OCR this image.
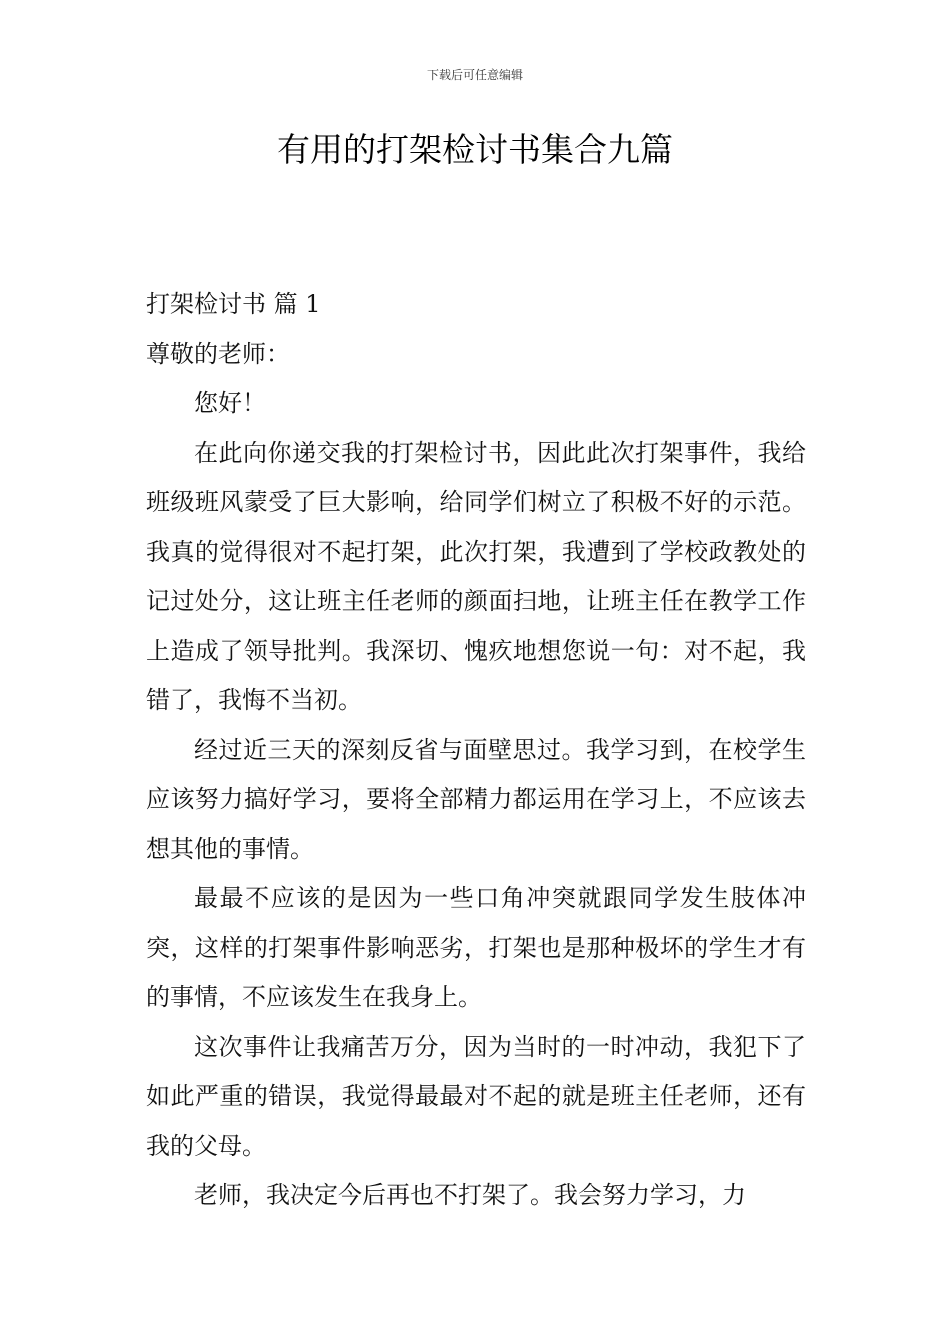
下载后可任意编辑
有用的打架检讨书集合九篇

打架检讨书 篇 1

尊敬的老师：

您好！

在此向你递交我的打架检讨书，因此此次打架事件，我给班级班风蒙受了巨大影响，给同学们树立了积极不好的示范。我真的觉得很对不起打架，此次打架，我遭到了学校政教处的记过处分，这让班主任老师的颜面扫地，让班主任在教学工作上造成了领导批判。我深切、愧疚地想您说一句：对不起，我错了，我悔不当初。

经过近三天的深刻反省与面壁思过。我学习到，在校学生应该努力搞好学习，要将全部精力都运用在学习上，不应该去想其他的事情。

最最不应该的是因为一些口角冲突就跟同学发生肢体冲突，这样的打架事件影响恶劣，打架也是那种极坏的学生才有的事情，不应该发生在我身上。

这次事件让我痛苦万分，因为当时的一时冲动，我犯下了如此严重的错误，我觉得最最对不起的就是班主任老师，还有我的父母。

老师，我决定今后再也不打架了。我会努力学习，力
